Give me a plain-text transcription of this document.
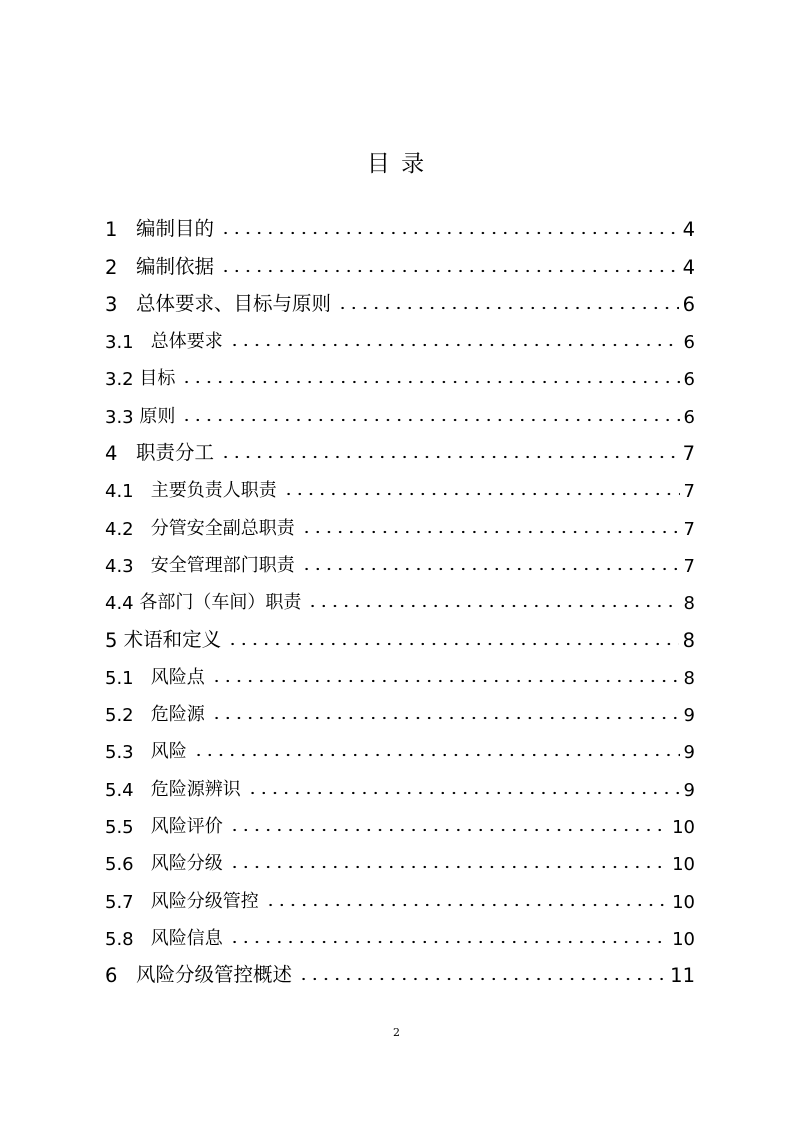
目 录
1 编制目的	4
2 编制依据	4
3 总体要求、目标与原则	6
3.1 总体要求	6
3.2 目标	6
3.3 原则	6
4 职责分工	7
4.1 主要负责人职责	7
4.2 分管安全副总职责	7
4.3 安全管理部门职责	7
4.4 各部门（车间）职责	8
5 术语和定义	8
5.1 风险点	8
5.2 危险源	9
5.3 风险	9
5.4 危险源辨识	9
5.5 风险评价	10
5.6 风险分级	10
5.7 风险分级管控	10
5.8 风险信息	10
6 风险分级管控概述	11
2
